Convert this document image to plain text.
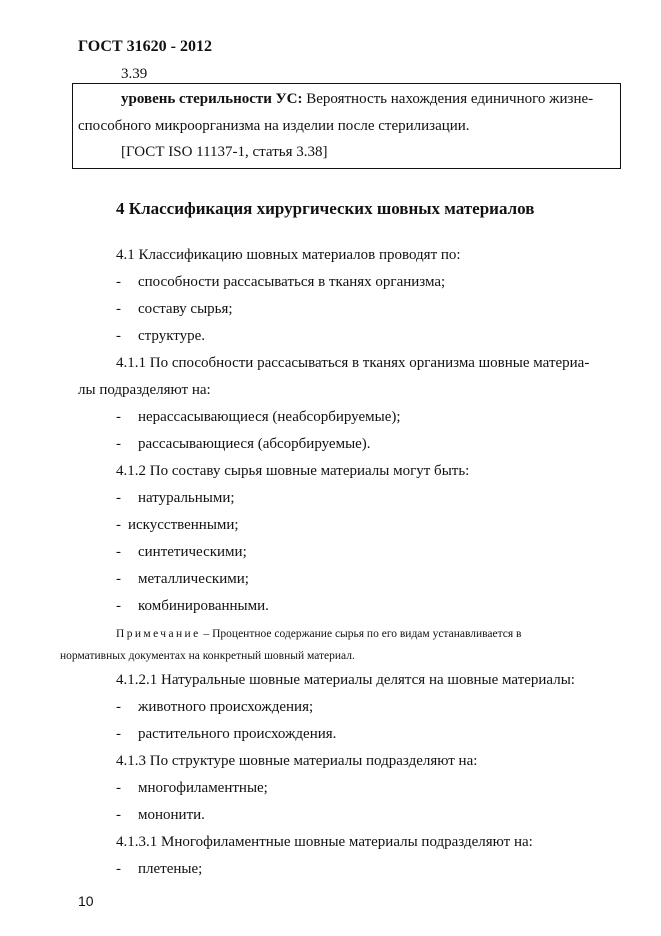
ГОСТ 31620 - 2012
3.39
уровень стерильности УС: Вероятность нахождения единичного жизне-
способного микроорганизма на изделии после стерилизации.
[ГОСТ ISO 11137-1, статья 3.38]
4 Классификация хирургических шовных материалов
4.1 Классификацию шовных материалов проводят по:
- способности рассасываться в тканях организма;
- составу сырья;
- структуре.
4.1.1 По способности рассасываться в тканях организма шовные материа-
лы подразделяют на:
- нерассасывающиеся (неабсорбируемые);
- рассасывающиеся (абсорбируемые).
4.1.2 По составу сырья шовные материалы могут быть:
- натуральными;
- искусственными;
- синтетическими;
- металлическими;
- комбинированными.
Примечание – Процентное содержание сырья по его видам устанавливается в
нормативных документах на конкретный шовный материал.
4.1.2.1 Натуральные шовные материалы делятся на шовные материалы:
- животного происхождения;
- растительного происхождения.
4.1.3 По структуре шовные материалы подразделяют на:
- многофиламентные;
- мононити.
4.1.3.1 Многофиламентные шовные материалы подразделяют на:
- плетеные;
10
